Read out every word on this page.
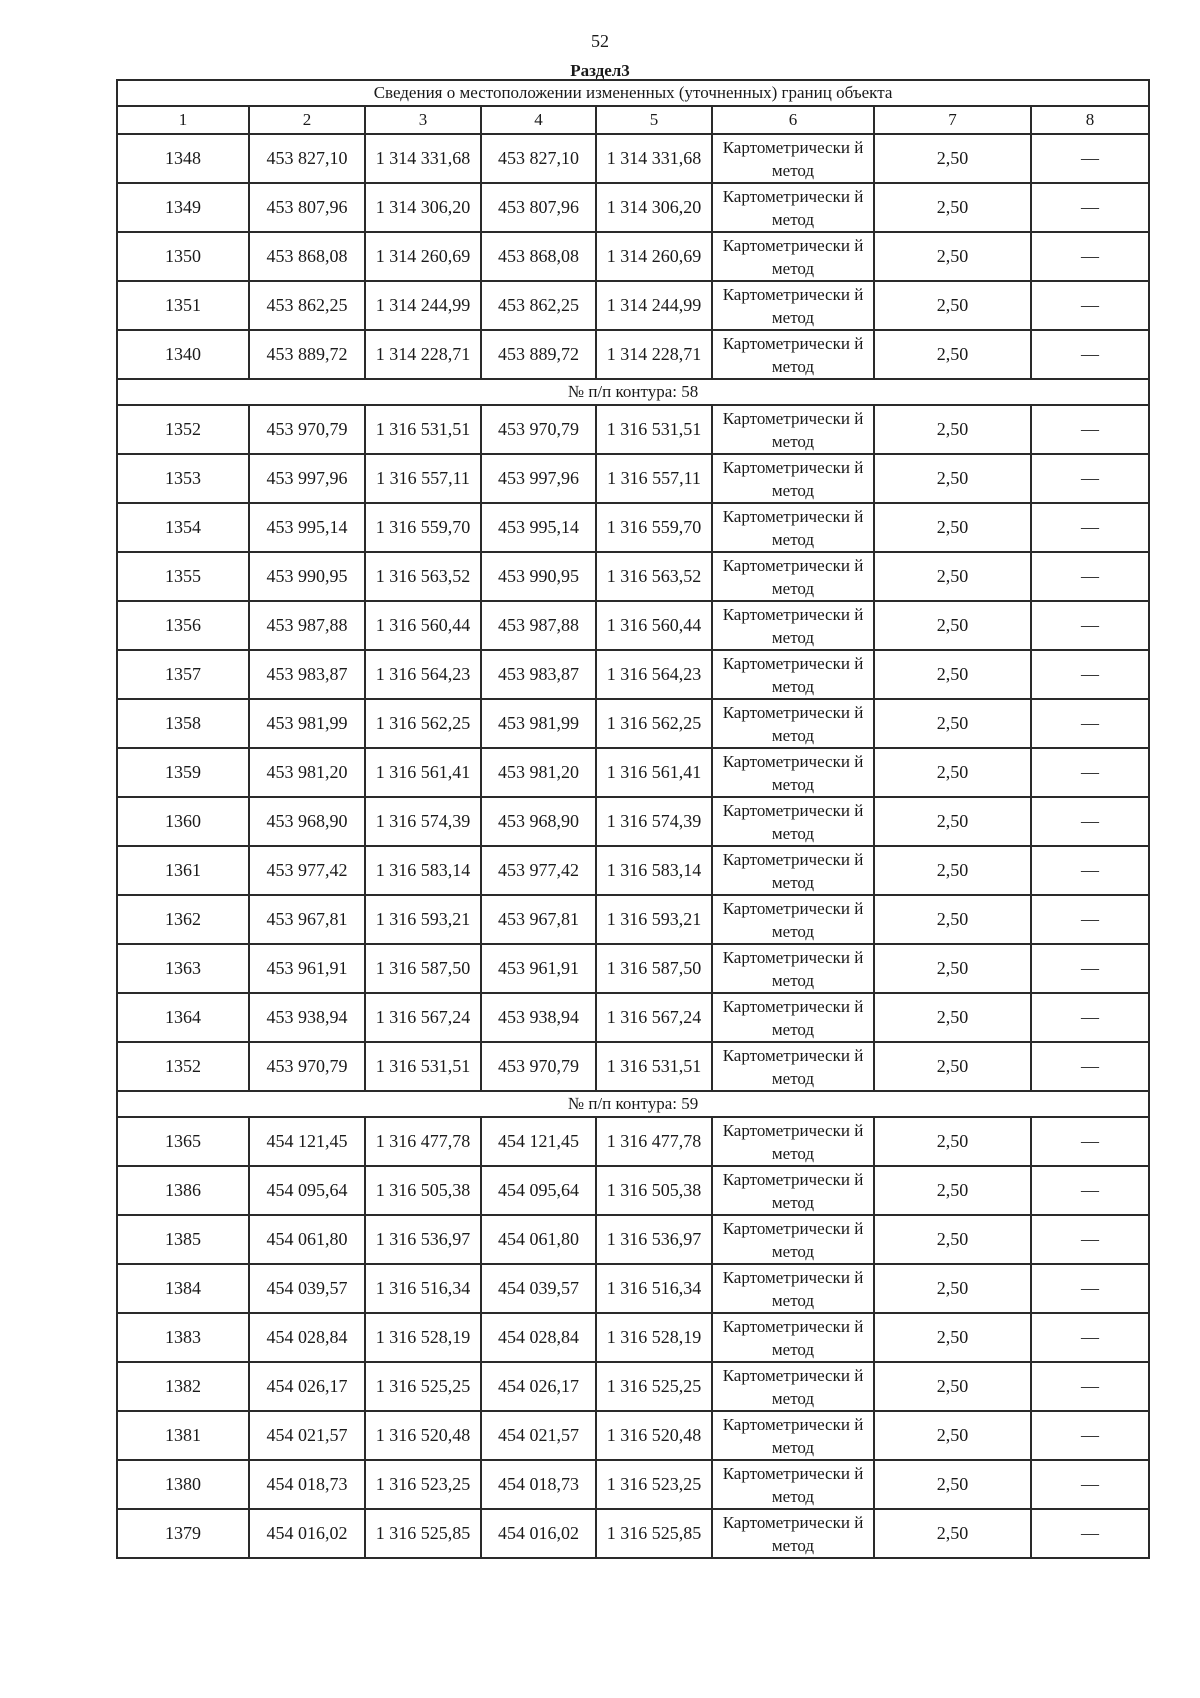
52
Раздел3
Сведения о местоположении измененных (уточненных) границ объекта							
1	2	3	4	5	6	7	8
1348	453 827,10	1 314 331,68	453 827,10	1 314 331,68	Картометрически й метод	2,50	—
1349	453 807,96	1 314 306,20	453 807,96	1 314 306,20	Картометрически й метод	2,50	—
1350	453 868,08	1 314 260,69	453 868,08	1 314 260,69	Картометрически й метод	2,50	—
1351	453 862,25	1 314 244,99	453 862,25	1 314 244,99	Картометрически й метод	2,50	—
1340	453 889,72	1 314 228,71	453 889,72	1 314 228,71	Картометрически й метод	2,50	—
№ п/п контура: 58							
1352	453 970,79	1 316 531,51	453 970,79	1 316 531,51	Картометрически й метод	2,50	—
1353	453 997,96	1 316 557,11	453 997,96	1 316 557,11	Картометрически й метод	2,50	—
1354	453 995,14	1 316 559,70	453 995,14	1 316 559,70	Картометрически й метод	2,50	—
1355	453 990,95	1 316 563,52	453 990,95	1 316 563,52	Картометрически й метод	2,50	—
1356	453 987,88	1 316 560,44	453 987,88	1 316 560,44	Картометрически й метод	2,50	—
1357	453 983,87	1 316 564,23	453 983,87	1 316 564,23	Картометрически й метод	2,50	—
1358	453 981,99	1 316 562,25	453 981,99	1 316 562,25	Картометрически й метод	2,50	—
1359	453 981,20	1 316 561,41	453 981,20	1 316 561,41	Картометрически й метод	2,50	—
1360	453 968,90	1 316 574,39	453 968,90	1 316 574,39	Картометрически й метод	2,50	—
1361	453 977,42	1 316 583,14	453 977,42	1 316 583,14	Картометрически й метод	2,50	—
1362	453 967,81	1 316 593,21	453 967,81	1 316 593,21	Картометрически й метод	2,50	—
1363	453 961,91	1 316 587,50	453 961,91	1 316 587,50	Картометрически й метод	2,50	—
1364	453 938,94	1 316 567,24	453 938,94	1 316 567,24	Картометрически й метод	2,50	—
1352	453 970,79	1 316 531,51	453 970,79	1 316 531,51	Картометрически й метод	2,50	—
№ п/п контура: 59							
1365	454 121,45	1 316 477,78	454 121,45	1 316 477,78	Картометрически й метод	2,50	—
1386	454 095,64	1 316 505,38	454 095,64	1 316 505,38	Картометрически й метод	2,50	—
1385	454 061,80	1 316 536,97	454 061,80	1 316 536,97	Картометрически й метод	2,50	—
1384	454 039,57	1 316 516,34	454 039,57	1 316 516,34	Картометрически й метод	2,50	—
1383	454 028,84	1 316 528,19	454 028,84	1 316 528,19	Картометрически й метод	2,50	—
1382	454 026,17	1 316 525,25	454 026,17	1 316 525,25	Картометрически й метод	2,50	—
1381	454 021,57	1 316 520,48	454 021,57	1 316 520,48	Картометрически й метод	2,50	—
1380	454 018,73	1 316 523,25	454 018,73	1 316 523,25	Картометрически й метод	2,50	—
1379	454 016,02	1 316 525,85	454 016,02	1 316 525,85	Картометрически й метод	2,50	—
